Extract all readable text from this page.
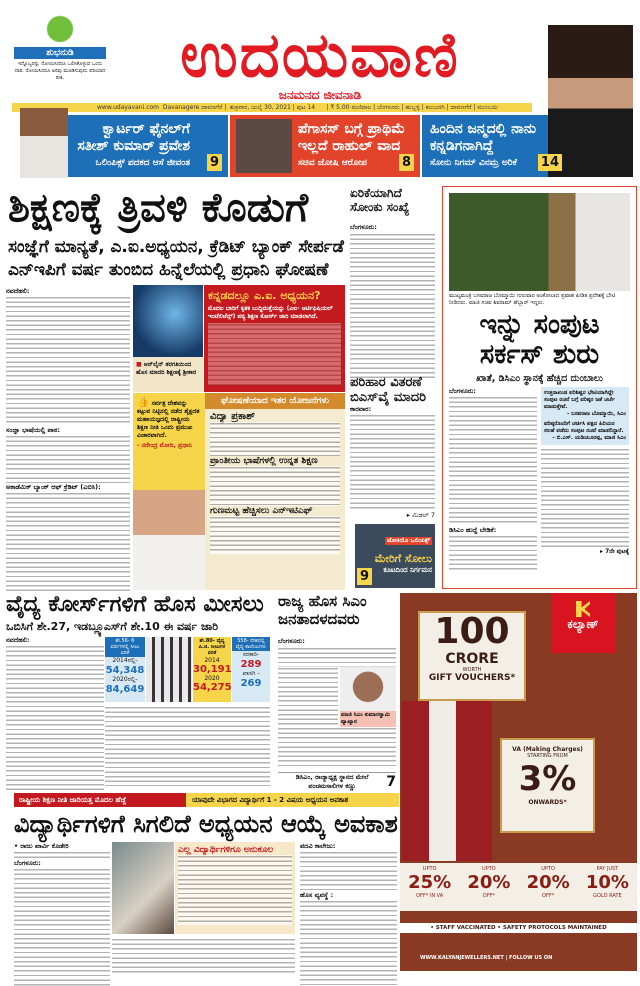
ಶುಭನುಡಿ
ಇನ್ನೊಬ್ಬರನ್ನು ನೋಯಿಸಿದರೂ ಒಲಿಸಿಕೊಳ್ಳುವ ಒಂದು ದಾರಿ. ನೋಯಿಸಿದರೂ ಅರಿವು ಮೂಡಿಸುವುದು ಪರಿಯಾದ ರೀತಿ.	ಉದಯವಾಣಿ
ಜನಮನದ ಜೀವನಾಡಿ
www.udayavani.com Davanagere ದಾವಣಗೆರೆ |  ಶುಕ್ರವಾರ, ಜುಲೈ 30, 2021 | ಪುಟ 14      | ₹ 5.00 ಮಣಿಪಾಲ | ಬೆಂಗಳೂರು | ಹುಬ್ಬಳ್ಳಿ | ಕಲಬುರಗಿ | ದಾವಣಗೆರೆ | ಮುಂಬಯಿ
ಕ್ವಾರ್ಟರ್ ಫೈನಲ್‌ಗೆ ಸತೀಶ್ ಕುಮಾರ್ ಪ್ರವೇಶ
ಒಲಿಂಪಿಕ್ಸ್ ಪದಕದ ಆಸೆ ಜೀವಂತ 9
ಪೆಗಾಸಸ್ ಬಗ್ಗೆ ಪ್ರಾಥಿಮೆ ಇಲ್ಲದೆ ರಾಹುಲ್ ವಾದ
ಸಚಿವ ಜೋಷಿ ಆರೋಪ	8
ಹಿಂದಿನ ಜನ್ಮದಲ್ಲಿ ನಾನು ಕನ್ನಡಿಗನಾಗಿದ್ದೆ
ಸೋನು ನಿಗಮ್ ವಿನಮ್ರ ಅರಿಕೆ	14
ಶಿಕ್ಷಣಕ್ಕೆ ತ್ರಿವಳಿ ಕೊಡುಗೆ
ಸಂಜ್ಞೆಗೆ ಮಾನ್ಯತೆ, ಎ.ಐ.ಅಧ್ಯಯನ, ಕ್ರೆಡಿಟ್ ಬ್ಯಾಂಕ್ ಸೇರ್ಪಡೆ
ಎನ್‌ಇಪಿಗೆ ವರ್ಷ ತುಂಬಿದ ಹಿನ್ನೆಲೆಯಲ್ಲಿ ಪ್ರಧಾನಿ ಘೋಷಣೆ
ನವದೆಹಲಿ:
ಸಂಜ್ಞಾ ಭಾಷೆಯಲ್ಲಿ ಪಾಠ:
ಅಕಾಡೆಮಿಕ್ ಬ್ಯಾಂಕ್ ಆಫ್ ಕ್ರೆಡಿಟ್ (ಎಬಿಸಿ):
■ ಆನ್‌ಲೈನ್ ತರಗತಿಯಿಂದ ಹೊಸ ಮಾದರಿ ಶಿಕ್ಷಣಕ್ಕೆ ಶ್ರೀಕಾರ
ಕನ್ನಡದಲ್ಲೂ ಎ.ಐ. ಅಧ್ಯಯನ?
ಮೊದಲ ಬಾರಿಗೆ ಕೃತಕ ಬುದ್ಧಿಮತ್ತೆಯನ್ನು (ಎಐ- ಆರ್ಟಿಫಿಷಿಯಲ್ ಇಂಟೆಲಿಜೆನ್ಸ್) ಪಠ್ಯ ಶಿಕ್ಷಣ ಕೋರ್ಸ್ ಜಾರಿ ಮಾಡಲಾಗಿದೆ.
👍 ಸರ್ವತ್ರ ದೇಶವನ್ನು ಕಟ್ಟುವ ನಿಟ್ಟಿನಲ್ಲಿ ನಡೆದ ಶೈಕ್ಷಣಿಕ ಮಹಾಯಜ್ಞದಲ್ಲಿ ರಾಷ್ಟ್ರೀಯ ಶಿಕ್ಷಣ ನೀತಿ ಒಂದು ಪ್ರಮುಖ ವಿಚಾರವಾಗಿದೆ.
- ನರೇಂದ್ರ ಮೋದಿ, ಪ್ರಧಾನಿ
ಘೋಷಣೆಯಾದ ಇತರ ಯೋಜನೆಗಳು
ವಿದ್ಯಾ ಪ್ರಕಾಶ್
ಪ್ರಾಂತೀಯ ಭಾಷೆಗಳಲ್ಲಿ ಉನ್ನತ ಶಿಕ್ಷಣ
ಗುಣಮಟ್ಟ ಹೆಚ್ಚಿಸಲು ಎನ್‌ಇಟಿಎಫ್
ಏರಿಕೆಯಾಗಿದೆ ಸೋಂಕು ಸಂಖ್ಯೆ
ಬೆಂಗಳೂರು:
ಪರಿಹಾರ ವಿತರಣೆ ಬಿಎಸ್‌ವೈ ಮಾದರಿ
ಕಾರವಾರ:
▸ ಮಿಡಲ್ 7
ಟೋಕಿಯೊ ಒಲಿಂಪಿಕ್ಸ್
ಮೇರಿಗೆ ಸೋಲು
ಕೂಟದಿಂದ ನಿರ್ಗಮನ
9
ಮುಖ್ಯಮಂತ್ರಿ ಬಸವರಾಜ ಬೊಮ್ಮಾಯಿ ಗುರುವಾರ ಅಂಕೋಲಾದ ಪ್ರವಾಹ ಪೀಡಿತ ಪ್ರದೇಶಕ್ಕೆ ಭೇಟಿ ನೀಡಿದರು. ಮಾಜಿ ಸಚಿವ ಶಿವರಾಮ್ ಹೆಬ್ಬಾರ್ ಇದ್ದರು.
ಇನ್ನು ಸಂಪುಟ
ಸರ್ಕಸ್ ಶುರು
ಖಾತೆ, ಡಿಸಿಎಂ ಸ್ಥಾನಕ್ಕೆ ಹೆಚ್ಚಿದ ದುಂಬಾಲು
ಬೆಂಗಳೂರು:
ಡಿಸಿಎಂ ಹುದ್ದೆ ಬೇಡಿಕೆ:
ಉತ್ತರಾಖಂಡ ಪರಿಶಿಷ್ಟರ ಭೇಟಿಯಾಗಿದ್ದೇ ಸಂಪುಟ ರಚನೆ ಬಗ್ಗೆ ವರಿಷ್ಠರ ಜತೆ ಚರ್ಚೆ ಮಾಡುತ್ತೇವೆ.
- ಬಸವರಾಜ ಬೊಮ್ಮಾಯಿ, ಸಿಎಂ
ವರಿಷ್ಠರೊಂದಿಗೆ ಚರ್ಚಿಸಿ ಪಕ್ಷದ ಹಿರಿಯರ ಸಲಹೆ ಪಡೆದು ಸಂಪುಟ ರಚನೆ ಮಾಡಲಿದ್ದಾರೆ.
- ಬಿ.ಎಸ್. ಯಡಿಯೂರಪ್ಪ, ಮಾಜಿ ಸಿಎಂ
▸ 7ನೇ ಪುಟಕ್ಕೆ
ವೈದ್ಯ ಕೋರ್ಸ್‌ಗಳಿಗೆ ಹೊಸ ಮೀಸಲು
ಒಬಿಸಿಗೆ ಶೇ.27, ಇಡಬ್ಲ್ಯೂಎಸ್‌ಗೆ ಶೇ.10 ಈ ವರ್ಷ ಜಾರಿ
ನವದೆಹಲಿ:	ಶೇ.56- 6 ವರ್ಷಗಳಲ್ಲಿ ಸೀಟು ಏರಿಕೆ
2014ರಲ್ಲಿ-
54,348
2020ರಲ್ಲಿ-
84,649
ಶೇ.80- ವೈದ್ಯ ಪಿ.ಜಿ. ಸೀಟುಗಳ ಏರಿಕೆ
2014
30,191
2020
54,275
558- ದೇಶದಲ್ಲಿ ವೈದ್ಯ ಕಾಲೇಜುಗಳು
ಸರಕಾರಿ-
289
ಖಾಸಗಿ -
269
ರಾಜ್ಯ ಹೊಸ ಸಿಎಂ ಜನತಾದಳದವರು
ಬೆಂಗಳೂರು:
ಮಾಜಿ ಸಿಎಂ ಕುಮಾರಸ್ವಾಮಿ ವ್ಯಾಖ್ಯಾನ
ಡಿಸಿಎಂ, ರಾಜ್ಯಾಧ್ಯಕ್ಷ ಸ್ಥಾನದ ಮೇಲೆ ಪಂಚಮಸಾಲಿಗಳ ಕಣ್ಣು	7
ರಾಷ್ಟ್ರೀಯ ಶಿಕ್ಷಣ ನೀತಿ ಜಾರಿಯತ್ತ ಮೊದಲ ಹೆಜ್ಜೆ	ಯಾವುದೇ ವಿಭಾಗದ ವಿದ್ಯಾರ್ಥಿಗೆ 1 - 2 ವಿಷಯ ಅಧ್ಯಯನ ಅವಕಾಶ
ವಿದ್ಯಾರ್ಥಿಗಳಿಗೆ ಸಿಗಲಿದೆ ಅಧ್ಯಯನ ಆಯ್ಕೆ ಅವಕಾಶ
• ರಾಜು ಖಾರ್ವಿ ಕೊಡೇರಿ
ಬೆಂಗಳೂರು:
ಎಲ್ಲ ವಿದ್ಯಾರ್ಥಿಗಳಿಗೂ ಅನುಕೂಲ	ಪದವಿ ಕಾಲೇಜು:
ಹೊಸ ವ್ಯವಸ್ಥೆ :
100
CRORE
WORTH
GIFT VOUCHERS*
ಕಲ್ಯಾಣ್
VA (Making Charges)
STARTING FROM
3%
ONWARDS*
UPTO
25%
OFF* IN VA
UPTO
20%
OFF*
UPTO
20%
OFF*
PAY JUST
10%
GOLD RATE
• STAFF VACCINATED • SAFETY PROTOCOLS MAINTAINED
WWW.KALYANJEWELLERS.NET | FOLLOW US ON
